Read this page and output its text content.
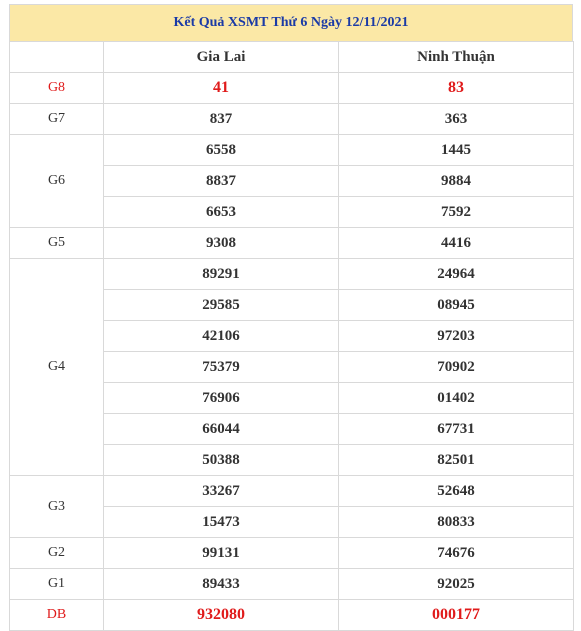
Kết Quả XSMT Thứ 6 Ngày 12/11/2021
	Gia Lai	Ninh Thuận
G8	41	83
G7	837	363
G6	6558	1445
	8837	9884
	6653	7592
G5	9308	4416
G4	89291	24964
	29585	08945
	42106	97203
	75379	70902
	76906	01402
	66044	67731
	50388	82501
G3	33267	52648
	15473	80833
G2	99131	74676
G1	89433	92025
DB	932080	000177
